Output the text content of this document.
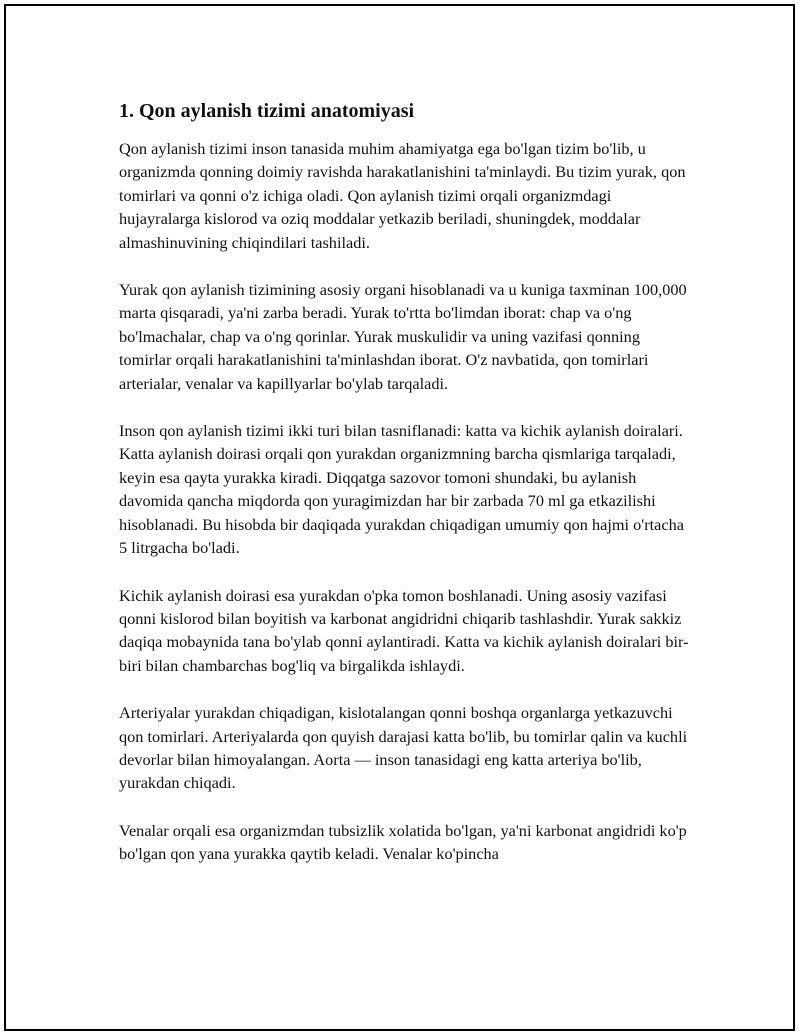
1. Qon aylanish tizimi anatomiyasi

Qon aylanish tizimi inson tanasida muhim ahamiyatga ega bo'lgan tizim bo'lib, u organizmda qonning doimiy ravishda harakatlanishini ta'minlaydi. Bu tizim yurak, qon tomirlari va qonni o'z ichiga oladi. Qon aylanish tizimi orqali organizmdagi hujayralarga kislorod va oziq moddalar yetkazib beriladi, shuningdek, moddalar almashinuvining chiqindilari tashiladi.

Yurak qon aylanish tizimining asosiy organi hisoblanadi va u kuniga taxminan 100,000 marta qisqaradi, ya'ni zarba beradi. Yurak to'rtta bo'limdan iborat: chap va o'ng bo'lmachalar, chap va o'ng qorinlar. Yurak muskulidir va uning vazifasi qonning tomirlar orqali harakatlanishini ta'minlashdan iborat. O'z navbatida, qon tomirlari arterialar, venalar va kapillyarlar bo'ylab tarqaladi.

Inson qon aylanish tizimi ikki turi bilan tasniflanadi: katta va kichik aylanish doiralari. Katta aylanish doirasi orqali qon yurakdan organizmning barcha qismlariga tarqaladi, keyin esa qayta yurakka kiradi. Diqqatga sazovor tomoni shundaki, bu aylanish davomida qancha miqdorda qon yuragimizdan har bir zarbada 70 ml ga etkazilishi hisoblanadi. Bu hisobda bir daqiqada yurakdan chiqadigan umumiy qon hajmi o'rtacha 5 litrgacha bo'ladi.

Kichik aylanish doirasi esa yurakdan o'pka tomon boshlanadi. Uning asosiy vazifasi qonni kislorod bilan boyitish va karbonat angidridni chiqarib tashlashdir. Yurak sakkiz daqiqa mobaynida tana bo'ylab qonni aylantiradi. Katta va kichik aylanish doiralari bir-biri bilan chambarchas bog'liq va birgalikda ishlaydi.

Arteriyalar yurakdan chiqadigan, kislotalangan qonni boshqa organlarga yetkazuvchi qon tomirlari. Arteriyalarda qon quyish darajasi katta bo'lib, bu tomirlar qalin va kuchli devorlar bilan himoyalangan. Aorta — inson tanasidagi eng katta arteriya bo'lib, yurakdan chiqadi.

Venalar orqali esa organizmdan tubsizlik xolatida bo'lgan, ya'ni karbonat angidridi ko'p bo'lgan qon yana yurakka qaytib keladi. Venalar ko'pincha
